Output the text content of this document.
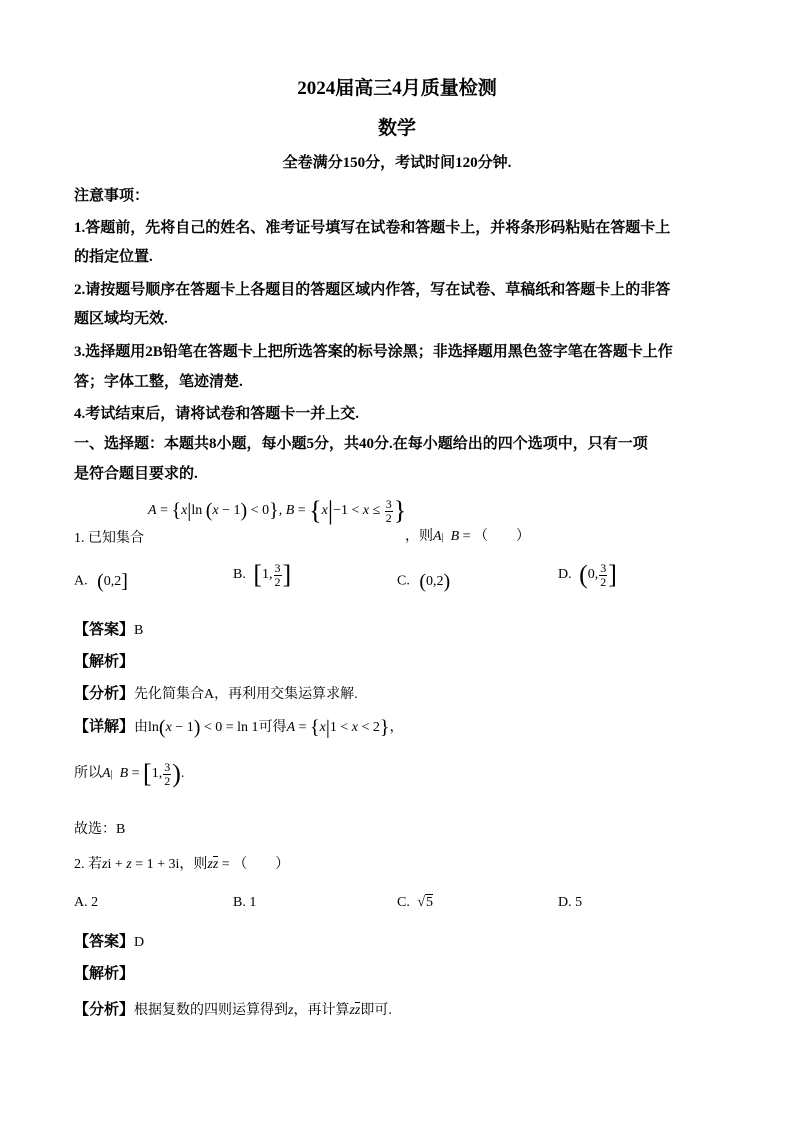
2024届高三4月质量检测
数学
全卷满分150分，考试时间120分钟.
注意事项：
1.答题前，先将自己的姓名、准考证号填写在试卷和答题卡上，并将条形码粘贴在答题卡上
的指定位置.
2.请按题号顺序在答题卡上各题目的答题区域内作答，写在试卷、草稿纸和答题卡上的非答
题区域均无效.
3.选择题用2B铅笔在答题卡上把所选答案的标号涂黑；非选择题用黑色签字笔在答题卡上作
答；字体工整，笔迹清楚.
4.考试结束后，请将试卷和答题卡一并上交.
一、选择题：本题共8小题，每小题5分，共40分.在每小题给出的四个选项中，只有一项
是符合题目要求的.
A = {x|ln (x − 1) < 0}, $B = \{x|-1 < x \le \frac{3}{2}$ }
1. 已知集合	，则A| B = （　　）
A. (0,2]	B. [1, $\frac{3}{2}$ ]	C. (0,2)	D. (0, $\frac{3}{2}$ ]
【答案】B
【解析】
【分析】先化简集合A，再利用交集运算求解.
【详解】由ln(x − 1) < 0 = ln 1可得A = {x|1 < x < 2}，
所以A|  B = [1, $\frac{3}{2}$ ).
故选：B
2. 若zi + z = 1 + 3i，则zz = （　　）
A. 2	B. 1	C. √5	D. 5
【答案】D
【解析】
【分析】根据复数的四则运算得到z，再计算zz即可.
